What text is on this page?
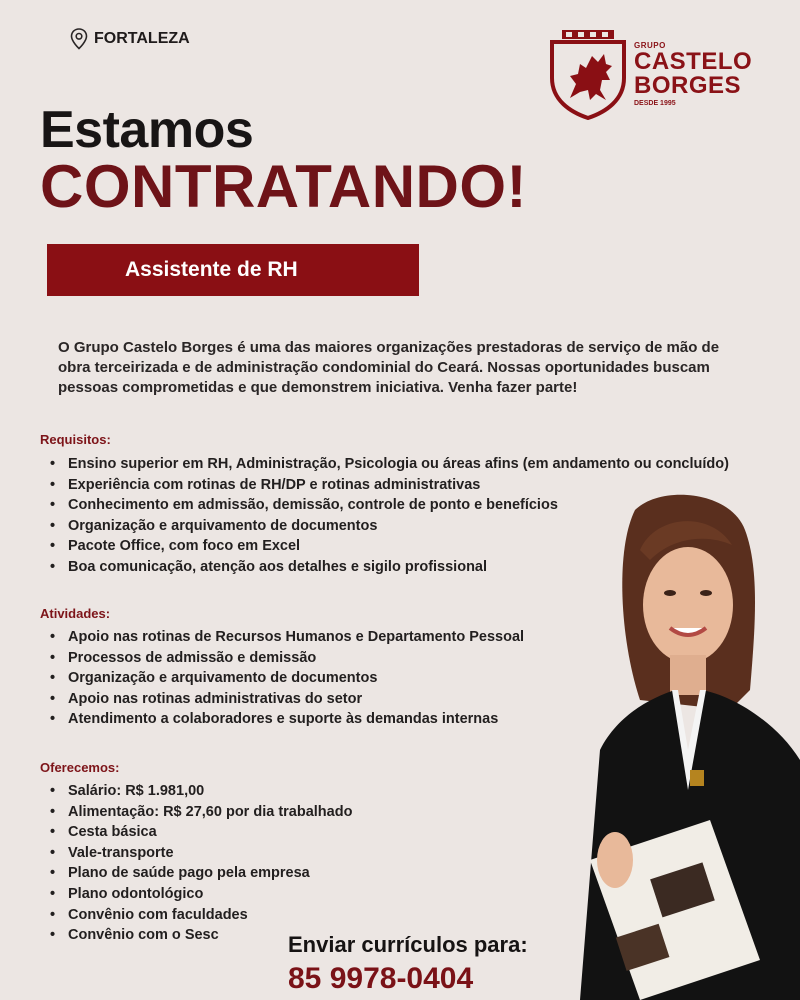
FORTALEZA	GRUPO
CASTELO
BORGES
DESDE 1995
Estamos
CONTRATANDO!
Assistente de RH

O Grupo Castelo Borges é uma das maiores organizações prestadoras de serviço de mão de obra terceirizada e de administração condominial do Ceará. Nossas oportunidades buscam pessoas comprometidas e que demonstrem iniciativa. Venha fazer parte!

Requisitos:
• Ensino superior em RH, Administração, Psicologia ou áreas afins (em andamento ou concluído)
• Experiência com rotinas de RH/DP e rotinas administrativas
• Conhecimento em admissão, demissão, controle de ponto e benefícios
• Organização e arquivamento de documentos
• Pacote Office, com foco em Excel
• Boa comunicação, atenção aos detalhes e sigilo profissional
Atividades:
• Apoio nas rotinas de Recursos Humanos e Departamento Pessoal
• Processos de admissão e demissão
• Organização e arquivamento de documentos
• Apoio nas rotinas administrativas do setor
• Atendimento a colaboradores e suporte às demandas internas
Oferecemos:
• Salário: R$ 1.981,00
• Alimentação: R$ 27,60 por dia trabalhado
• Cesta básica
• Vale-transporte
• Plano de saúde pago pela empresa
• Plano odontológico
• Convênio com faculdades
• Convênio com o Sesc	Enviar currículos para:
85 9978-0404
